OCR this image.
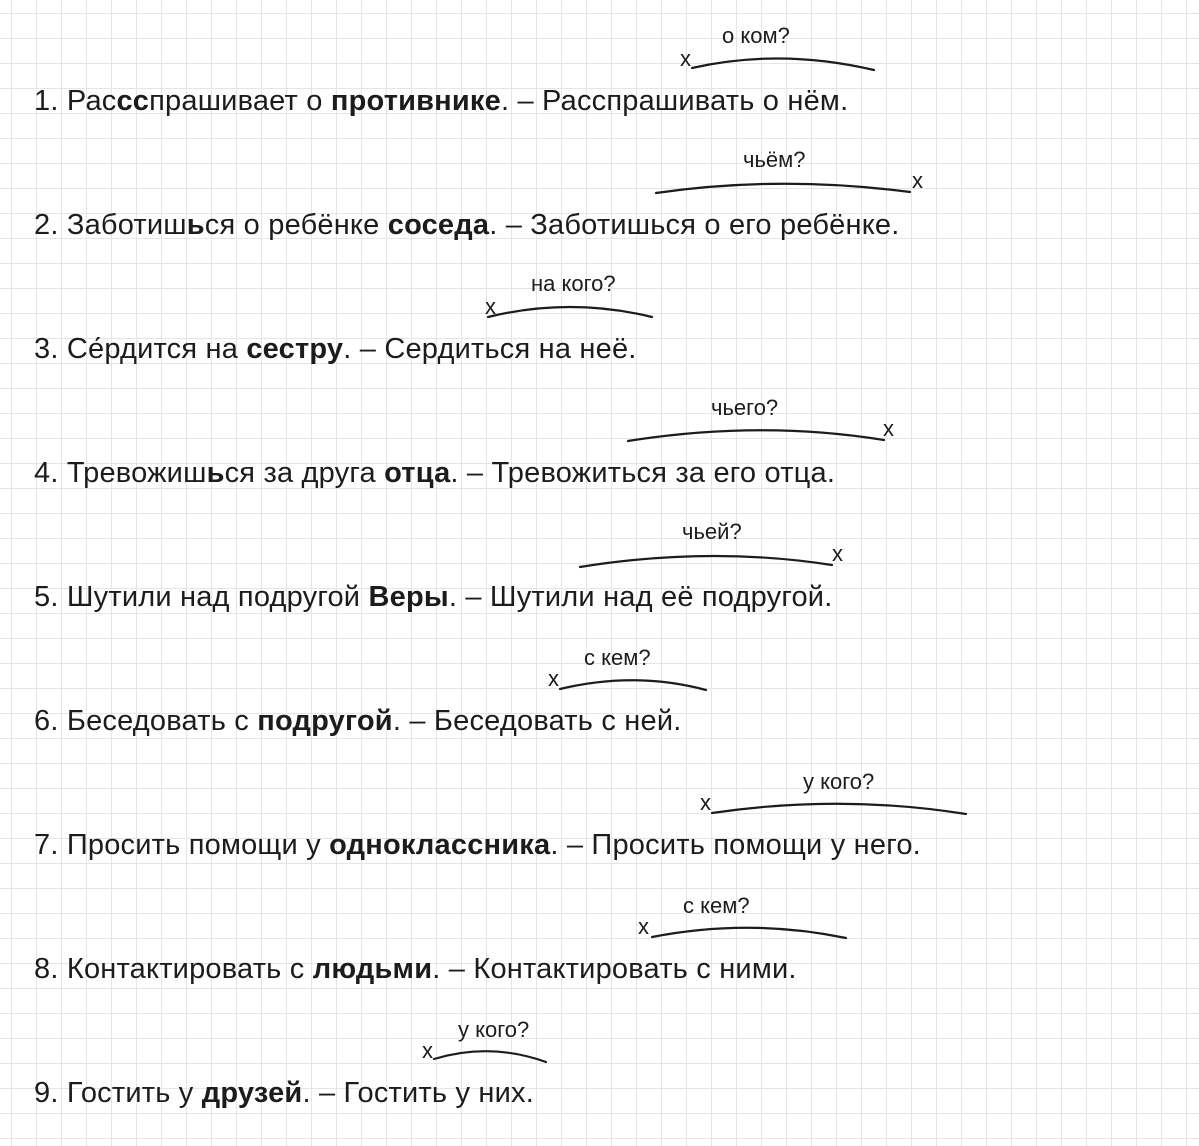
о ком?
чьём?
на кого?
чьего?
чьей?
с кем?
у кого?
с кем?
у кого?
х
х
х
х
х
х
х
х
х
1. Рассспрашивает о противнике. – Расспрашивать о нём.
2. Заботишься о ребёнке соседа. – Заботишься о его ребёнке.
3. Се́рдится на сестру. – Сердиться на неё.
4. Тревожишься за друга отца. – Тревожиться за его отца.
5. Шутили над подругой Веры. – Шутили над её подругой.
6. Беседовать с подругой. – Беседовать с ней.
7. Просить помощи у одноклассника. – Просить помощи у него.
8. Контактировать с людьми. – Контактировать с ними.
9. Гостить у друзей. – Гостить у них.
